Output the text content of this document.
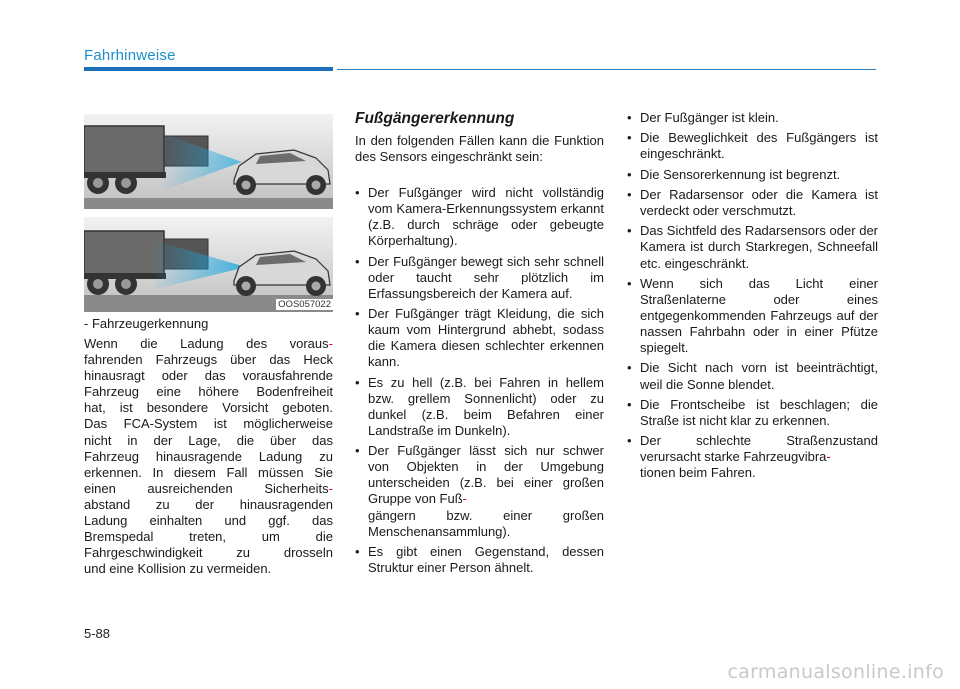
Fahrhinweise
OOS057022
- Fahrzeugerkennung
Wenn die Ladung des voraus-
fahrenden Fahrzeugs über das Heck
hinausragt oder das vorausfahrende
Fahrzeug eine höhere Bodenfreiheit
hat, ist besondere Vorsicht geboten.
Das FCA-System ist möglicherweise
nicht in der Lage, die über das
Fahrzeug hinausragende Ladung zu
erkennen. In diesem Fall müssen Sie
einen ausreichenden Sicherheits-
abstand zu der hinausragenden
Ladung einhalten und ggf. das
Bremspedal treten, um die
Fahrgeschwindigkeit zu drosseln
und eine Kollision zu vermeiden.
Fußgängererkennung
In den folgenden Fällen kann die Funktion des Sensors eingeschränkt sein:
• Der Fußgänger wird nicht vollständig vom Kamera-Erkennungssystem erkannt (z.B. durch schräge oder gebeugte Körperhaltung).
• Der Fußgänger bewegt sich sehr schnell oder taucht sehr plötzlich im Erfassungsbereich der Kamera auf.
• Der Fußgänger trägt Kleidung, die sich kaum vom Hintergrund abhebt, sodass die Kamera diesen schlechter erkennen kann.
• Es zu hell (z.B. bei Fahren in hellem bzw. grellem Sonnenlicht) oder zu dunkel (z.B. beim Befahren einer Landstraße im Dunkeln).
• Der Fußgänger lässt sich nur schwer von Objekten in der Umgebung unterscheiden (z.B. bei einer großen Gruppe von Fuß-
gängern bzw. einer großen Menschenansammlung).
• Es gibt einen Gegenstand, dessen Struktur einer Person ähnelt.
• Der Fußgänger ist klein.
• Die Beweglichkeit des Fußgängers ist eingeschränkt.
• Die Sensorerkennung ist begrenzt.
• Der Radarsensor oder die Kamera ist verdeckt oder verschmutzt.
• Das Sichtfeld des Radarsensors oder der Kamera ist durch Starkregen, Schneefall etc. eingeschränkt.
• Wenn sich das Licht einer Straßenlaterne oder eines entgegenkommenden Fahrzeugs auf der nassen Fahrbahn oder in einer Pfütze spiegelt.
• Die Sicht nach vorn ist beeinträchtigt, weil die Sonne blendet.
• Die Frontscheibe ist beschlagen; die Straße ist nicht klar zu erkennen.
• Der schlechte Straßenzustand verursacht starke Fahrzeugvibra-
tionen beim Fahren.
5-88
carmanualsonline.info
